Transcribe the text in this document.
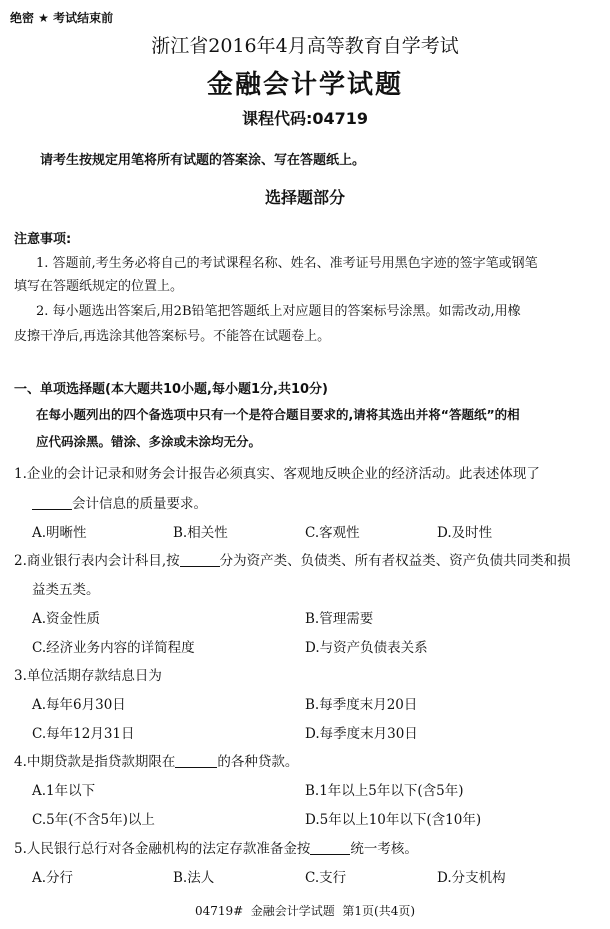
绝密 ★ 考试结束前
浙江省2016年4月高等教育自学考试
金融会计学试题
课程代码:04719
请考生按规定用笔将所有试题的答案涂、写在答题纸上。
选择题部分
注意事项:
1. 答题前,考生务必将自己的考试课程名称、姓名、准考证号用黑色字迹的签字笔或钢笔
填写在答题纸规定的位置上。
2. 每小题选出答案后,用2B铅笔把答题纸上对应题目的答案标号涂黑。如需改动,用橡
皮擦干净后,再选涂其他答案标号。不能答在试题卷上。
一、单项选择题(本大题共10小题,每小题1分,共10分)
在每小题列出的四个备选项中只有一个是符合题目要求的,请将其选出并将“答题纸”的相
应代码涂黑。错涂、多涂或未涂均无分。
1.企业的会计记录和财务会计报告必须真实、客观地反映企业的经济活动。此表述体现了
会计信息的质量要求。
A.明晰性	B.相关性	C.客观性	D.及时性
2.商业银行表内会计科目,按	分为资产类、负债类、所有者权益类、资产负债共同类和损
益类五类。
A.资金性质	B.管理需要
C.经济业务内容的详简程度	D.与资产负债表关系
3.单位活期存款结息日为
A.每年6月30日	B.每季度末月20日
C.每年12月31日	D.每季度末月30日
4.中期贷款是指贷款期限在	的各种贷款。
A.1年以下	B.1年以上5年以下(含5年)
C.5年(不含5年)以上	D.5年以上10年以下(含10年)
5.人民银行总行对各金融机构的法定存款准备金按	统一考核。
A.分行	B.法人	C.支行	D.分支机构
04719#  金融会计学试题  第1页(共4页)
